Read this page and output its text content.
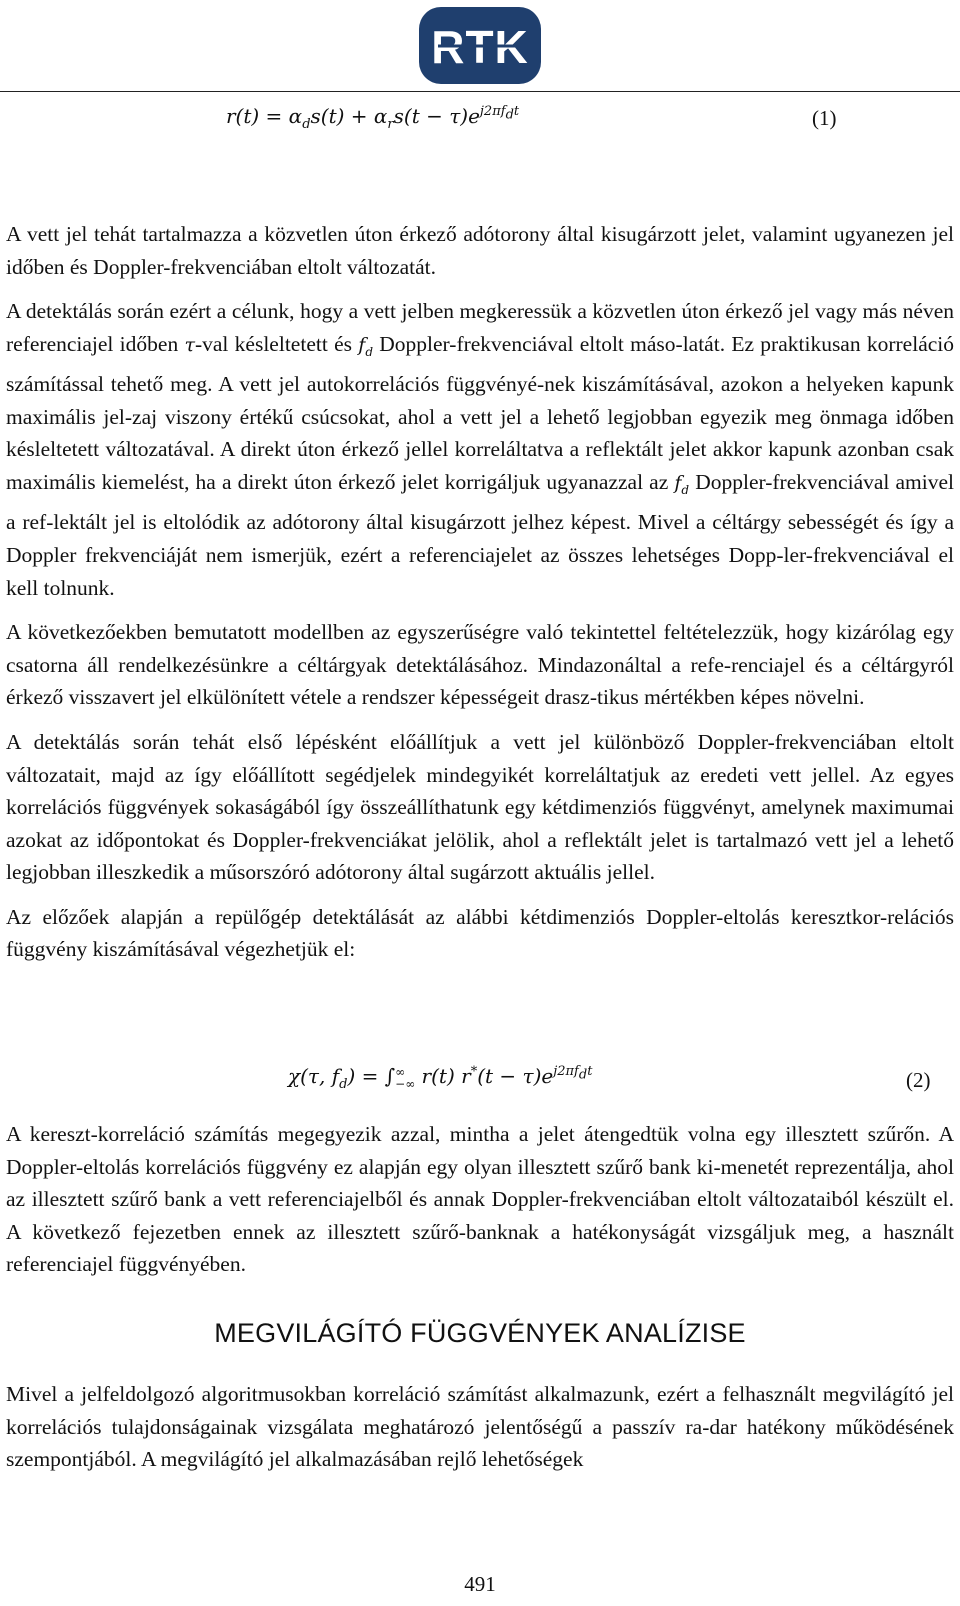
RTK
$r(t) = \alpha_ds(t) + \alpha_rs(t - \tau)e^{j2\pi f_dt}$	(1)

A vett jel tehát tartalmazza a közvetlen úton érkező adótorony által kisugárzott jelet, valamint ugyanezen jel időben és Doppler-frekvenciában eltolt változatát.

A detektálás során ezért a célunk, hogy a vett jelben megkeressük a közvetlen úton érkező jel vagy más néven referenciajel időben τ-val késleltetett és $f_d$ Doppler-frekvenciával eltolt máso-latát. Ez praktikusan korreláció számítással tehető meg. A vett jel autokorrelációs függvényé-nek kiszámításával, azokon a helyeken kapunk maximális jel-zaj viszony értékű csúcsokat, ahol a vett jel a lehető legjobban egyezik meg önmaga időben késleltetett változatával. A direkt úton érkező jellel korreláltatva a reflektált jelet akkor kapunk azonban csak maximális kiemelést, ha a direkt úton érkező jelet korrigáljuk ugyanazzal az $f_d$ Doppler-frekvenciával amivel a ref-lektált jel is eltolódik az adótorony által kisugárzott jelhez képest. Mivel a céltárgy sebességét és így a Doppler frekvenciáját nem ismerjük, ezért a referenciajelet az összes lehetséges Dopp-ler-frekvenciával el kell tolnunk.

A következőekben bemutatott modellben az egyszerűségre való tekintettel feltételezzük, hogy kizárólag egy csatorna áll rendelkezésünkre a céltárgyak detektálásához. Mindazonáltal a refe-renciajel és a céltárgyról érkező visszavert jel elkülönített vétele a rendszer képességeit drasz-tikus mértékben képes növelni.

A detektálás során tehát első lépésként előállítjuk a vett jel különböző Doppler-frekvenciában eltolt változatait, majd az így előállított segédjelek mindegyikét korreláltatjuk az eredeti vett jellel. Az egyes korrelációs függvények sokaságából így összeállíthatunk egy kétdimenziós függvényt, amelynek maximumai azokat az időpontokat és Doppler-frekvenciákat jelölik, ahol a reflektált jelet is tartalmazó vett jel a lehető legjobban illeszkedik a műsorszóró adótorony által sugárzott aktuális jellel.

Az előzőek alapján a repülőgép detektálását az alábbi kétdimenziós Doppler-eltolás keresztkor-relációs függvény kiszámításával végezhetjük el:

χ(τ, $f_d$) = ∫ ∞
−∞ r(t) $r^*(t - \tau)e^{j2\pi f_dt}$	(2)

A kereszt-korreláció számítás megegyezik azzal, mintha a jelet átengedtük volna egy illesztett szűrőn. A Doppler-eltolás korrelációs függvény ez alapján egy olyan illesztett szűrő bank ki-menetét reprezentálja, ahol az illesztett szűrő bank a vett referenciajelből és annak Doppler-frekvenciában eltolt változataiból készült el. A következő fejezetben ennek az illesztett szűrő-banknak a hatékonyságát vizsgáljuk meg, a használt referenciajel függvényében.

MEGVILÁGÍTÓ FÜGGVÉNYEK ANALÍZISE

Mivel a jelfeldolgozó algoritmusokban korreláció számítást alkalmazunk, ezért a felhasznált megvilágító jel korrelációs tulajdonságainak vizsgálata meghatározó jelentőségű a passzív ra-dar hatékony működésének szempontjából. A megvilágító jel alkalmazásában rejlő lehetőségek

491
